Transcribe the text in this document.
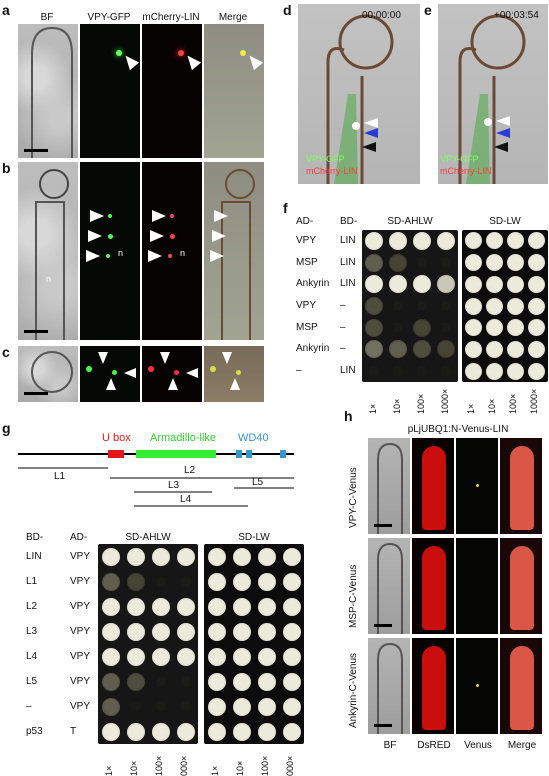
a	BF	VPY-GFP	mCherry-LIN	Merge
b
n
n	n
c
d
VPY-GFP
mCherry-LIN
00:00:00 e
VPY-GFP
mCherry-LIN
+00:03:54
f
AD-	BD-	SD-AHLW	SD-LW
g
U box Armadillo-like WD40
L1
L2
L3
L4
L5
BD-	AD-	SD-AHLW	SD-LW
h
pLjUBQ1:N-Venus-LIN
VPY LIN
MSP LIN
Ankyrin LIN
VPY –
MSP –
Ankyrin –
–	LIN
1×	1×
10×	10×
100×	100×
1000×	1000×
LIN	VPY
L1	VPY
L2	VPY
L3	VPY
L4	VPY
L5	VPY
–	VPY
p53	T
1×	1×
10×	10×
100×	100×
000×	000×
VPY-C-Venus
MSP-C-Venus
Ankyrin-C-Venus
BF	DsRED	Venus	Merge
